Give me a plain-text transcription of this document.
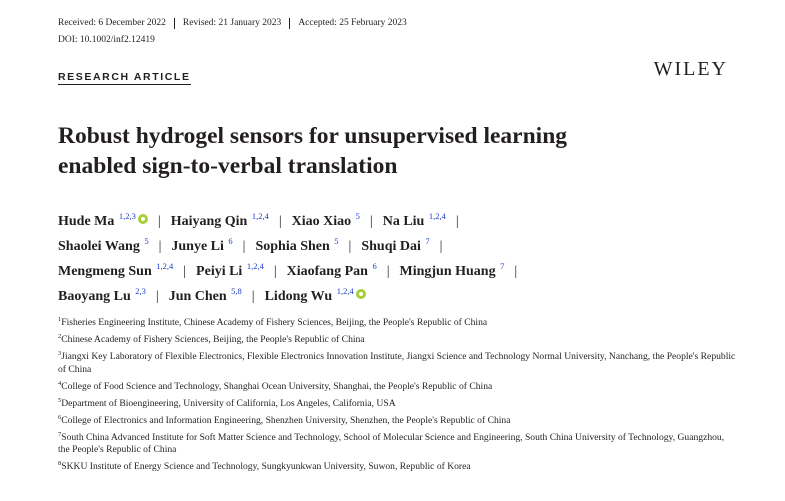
Received: 6 December 2022 Revised: 21 January 2023 Accepted: 25 February 2023
DOI: 10.1002/inf2.12419
RESEARCH ARTICLE	WILEY
Robust hydrogel sensors for unsupervised learning
enabled sign-to-verbal translation
Hude Ma $^{1,2,3}$ | Haiyang Qin $^{1,2,4}$ | Xiao Xiao $^5$ | Na Liu $^{1,2,4}$ |
Shaolei Wang $^5$ | Junye Li $^6$ | Sophia Shen $^5$ | Shuqi Dai $^7$ |
Mengmeng Sun $^{1,2,4}$ | Peiyi Li $^{1,2,4}$ | Xiaofang Pan $^6$ | Mingjun Huang $^7$ |
Baoyang Lu $^{2,3}$ | Jun Chen $^{5,8}$ | Lidong Wu $^{1,2,4}$
$^1$Fisheries Engineering Institute, Chinese Academy of Fishery Sciences, Beijing, the People's Republic of China
$^2$Chinese Academy of Fishery Sciences, Beijing, the People's Republic of China
$^3$Jiangxi Key Laboratory of Flexible Electronics, Flexible Electronics Innovation Institute, Jiangxi Science and Technology Normal University, Nanchang, the People's Republic of China
$^4$College of Food Science and Technology, Shanghai Ocean University, Shanghai, the People's Republic of China
$^5$Department of Bioengineering, University of California, Los Angeles, California, USA
$^6$College of Electronics and Information Engineering, Shenzhen University, Shenzhen, the People's Republic of China
$^7$South China Advanced Institute for Soft Matter Science and Technology, School of Molecular Science and Engineering, South China University of Technology, Guangzhou, the People's Republic of China
$^8$SKKU Institute of Energy Science and Technology, Sungkyunkwan University, Suwon, Republic of Korea
